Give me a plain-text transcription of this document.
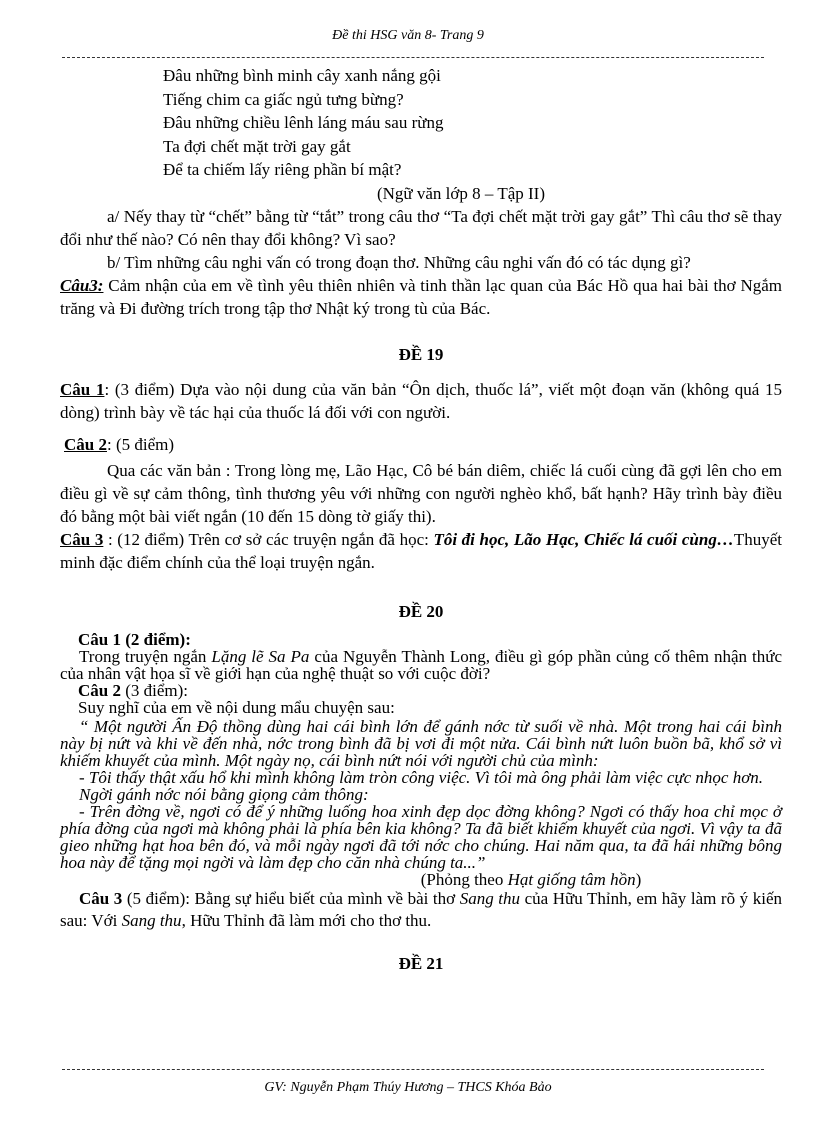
Đề thi HSG văn 8- Trang 9

Đâu những bình minh cây xanh nắng gội

Tiếng chim ca giấc ngủ tưng bừng?

Đâu những chiều lênh láng máu sau rừng

Ta đợi chết mặt trời gay gắt

Để ta chiếm lấy riêng phần bí mật?

(Ngữ văn lớp 8 – Tập II)

a/ Nếy thay từ “chết” bằng từ “tắt” trong câu thơ “Ta đợi chết mặt trời gay gắt” Thì câu thơ sẽ thay đổi như thế nào? Có nên thay đổi không? Vì sao?

b/ Tìm những câu nghi vấn có trong đoạn thơ. Những câu nghi vấn đó có tác dụng gì?

Câu3: Cảm nhận của em về tình yêu thiên nhiên và tinh thần lạc quan của Bác Hồ qua hai bài thơ Ngắm trăng và Đi đường trích trong tập thơ Nhật ký trong tù của Bác.

ĐỀ 19

Câu 1: (3 điểm) Dựa vào nội dung của văn bản “Ôn dịch, thuốc lá”, viết một đoạn văn (không quá 15 dòng) trình bày về tác hại của thuốc lá đối với con người.

Câu 2: (5 điểm)

Qua các văn bản : Trong lòng mẹ, Lão Hạc, Cô bé bán diêm, chiếc lá cuối cùng đã gợi lên cho em điều gì về sự cảm thông, tình thương yêu với những con người nghèo khổ, bất hạnh? Hãy trình bày điều đó bằng một bài viết ngắn (10 đến 15 dòng tờ giấy thi).

Câu 3 : (12 điểm) Trên cơ sở các truyện ngắn đã học: Tôi đi học, Lão Hạc, Chiếc lá cuối cùng…Thuyết minh đặc điểm chính của thể loại truyện ngắn.

ĐỀ 20

Câu 1 (2 điểm):

Trong truyện ngắn Lặng lẽ Sa Pa của Nguyễn Thành Long, điều gì góp phần củng cố thêm nhận thức của nhân vật họa sĩ về giới hạn của nghệ thuật so với cuộc đời?

Câu 2 (3 điểm):

Suy nghĩ của em về nội dung mẩu chuyện sau:

“ Một người Ấn Độ thồng dùng hai cái bình lớn để gánh nớc từ suối về nhà. Một trong hai cái bình này bị nứt và khi về đến nhà, nớc trong bình đã bị vơi đi một nửa. Cái bình nứt luôn buồn bã, khổ sở vì khiếm khuyết của mình. Một ngày nọ, cái bình nứt nói với người chủ của mình:

- Tôi thấy thật xấu hổ khi mình không làm tròn công việc. Vì tôi mà ông phải làm việc cực nhọc hơn.

Ngời gánh nớc nói bằng giọng cảm thông:

- Trên đờng về, ngơi có để ý những luống hoa xinh đẹp dọc đờng không? Ngơi có thấy hoa chỉ mọc ở phía đờng của ngơi mà không phải là phía bên kia không? Ta đã biết khiếm khuyết của ngơi. Vì vậy ta đã gieo những hạt hoa bên đó, và mỗi ngày ngơi đã tới nớc cho chúng. Hai năm qua, ta đã hái những bông hoa này để tặng mọi ngời và làm đẹp cho căn nhà chúng ta...”

(Phỏng theo Hạt giống tâm hồn)

Câu 3 (5 điểm): Bằng sự hiểu biết của mình về bài thơ Sang thu của Hữu Thỉnh, em hãy làm rõ ý kiến sau: Với Sang thu, Hữu Thỉnh đã làm mới cho thơ thu.

ĐỀ 21

GV: Nguyễn Phạm Thúy Hương – THCS Khóa Bảo
